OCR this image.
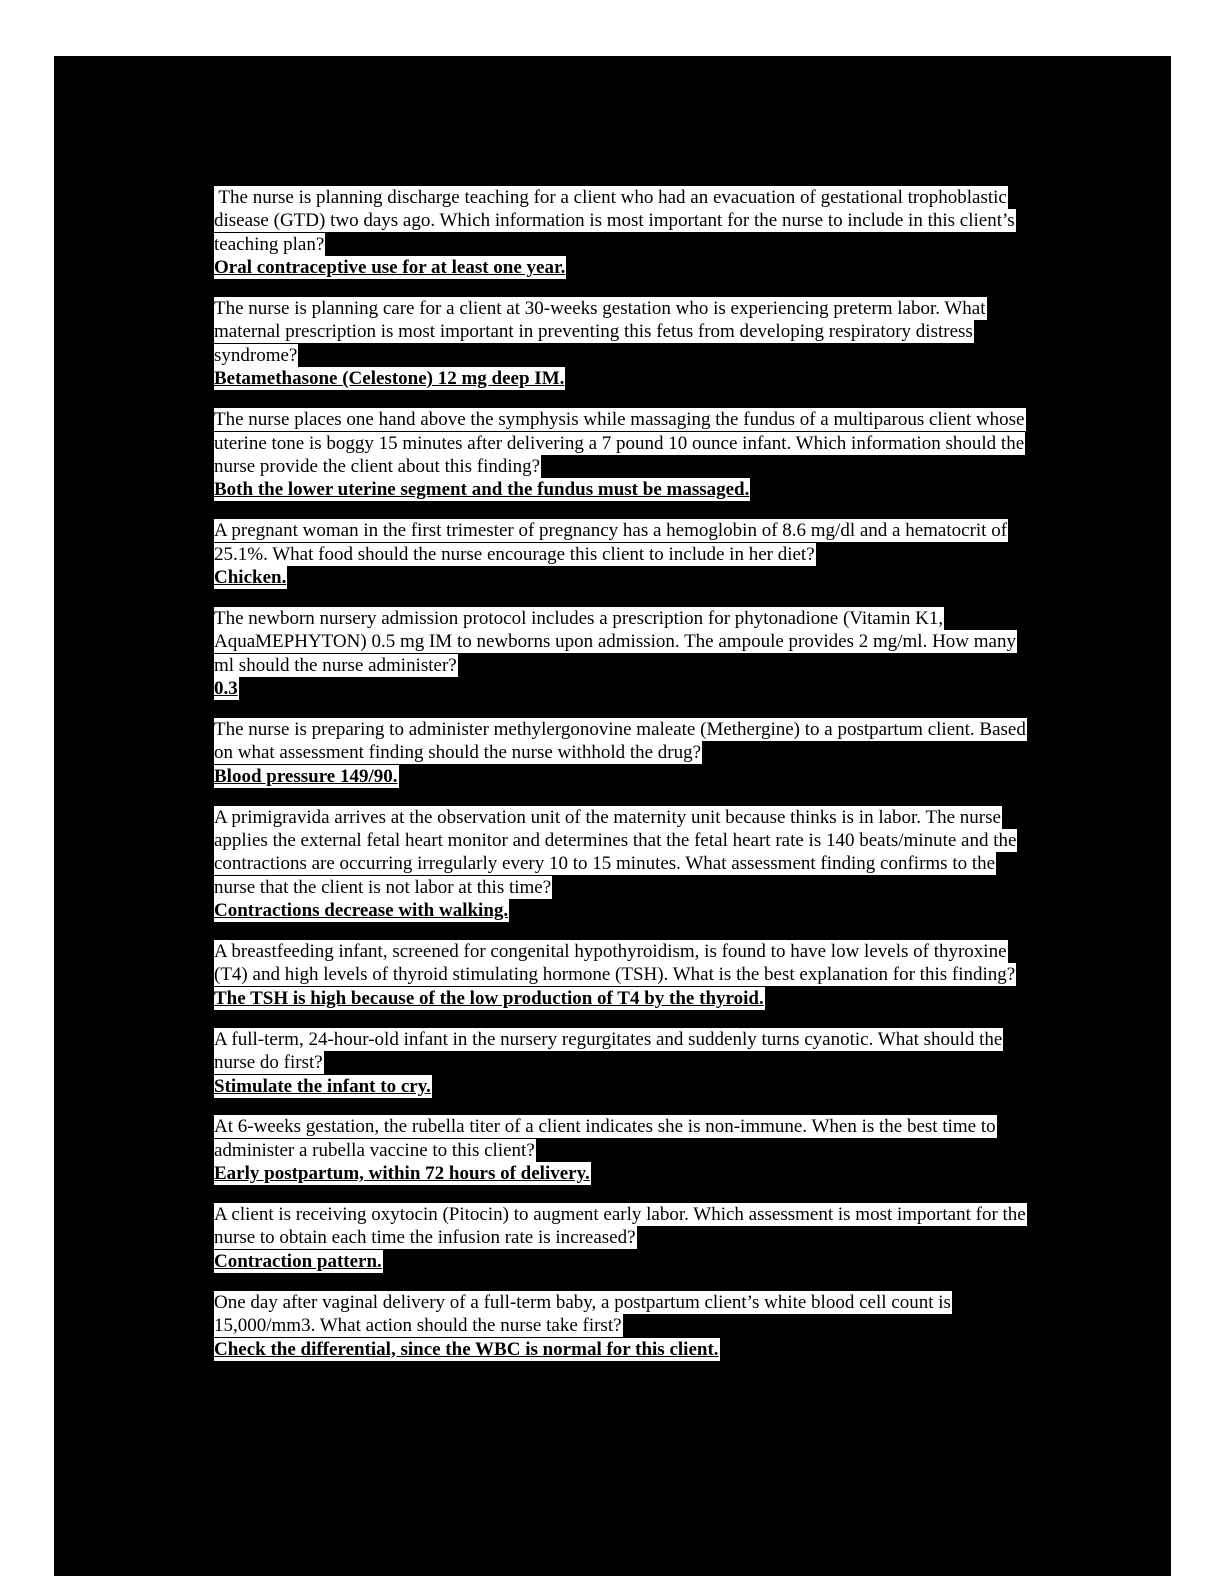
The nurse is planning discharge teaching for a client who had an evacuation of gestational trophoblastic
disease (GTD) two days ago. Which information is most important for the nurse to include in this client’s
teaching plan?
Oral contraceptive use for at least one year.
The nurse is planning care for a client at 30-weeks gestation who is experiencing preterm labor. What
maternal prescription is most important in preventing this fetus from developing respiratory distress
syndrome?
Betamethasone (Celestone) 12 mg deep IM.
The nurse places one hand above the symphysis while massaging the fundus of a multiparous client whose
uterine tone is boggy 15 minutes after delivering a 7 pound 10 ounce infant. Which information should the
nurse provide the client about this finding?
Both the lower uterine segment and the fundus must be massaged.
A pregnant woman in the first trimester of pregnancy has a hemoglobin of 8.6 mg/dl and a hematocrit of
25.1%. What food should the nurse encourage this client to include in her diet?
Chicken.
The newborn nursery admission protocol includes a prescription for phytonadione (Vitamin K1,
AquaMEPHYTON) 0.5 mg IM to newborns upon admission. The ampoule provides 2 mg/ml. How many
ml should the nurse administer?
0.3
The nurse is preparing to administer methylergonovine maleate (Methergine) to a postpartum client. Based
on what assessment finding should the nurse withhold the drug?
Blood pressure 149/90.
A primigravida arrives at the observation unit of the maternity unit because thinks is in labor. The nurse
applies the external fetal heart monitor and determines that the fetal heart rate is 140 beats/minute and the
contractions are occurring irregularly every 10 to 15 minutes. What assessment finding confirms to the
nurse that the client is not labor at this time?
Contractions decrease with walking.
A breastfeeding infant, screened for congenital hypothyroidism, is found to have low levels of thyroxine
(T4) and high levels of thyroid stimulating hormone (TSH). What is the best explanation for this finding?
The TSH is high because of the low production of T4 by the thyroid.
A full-term, 24-hour-old infant in the nursery regurgitates and suddenly turns cyanotic. What should the
nurse do first?
Stimulate the infant to cry.
At 6-weeks gestation, the rubella titer of a client indicates she is non-immune. When is the best time to
administer a rubella vaccine to this client?
Early postpartum, within 72 hours of delivery.
A client is receiving oxytocin (Pitocin) to augment early labor. Which assessment is most important for the
nurse to obtain each time the infusion rate is increased?
Contraction pattern.
One day after vaginal delivery of a full-term baby, a postpartum client’s white blood cell count is
15,000/mm3. What action should the nurse take first?
Check the differential, since the WBC is normal for this client.
